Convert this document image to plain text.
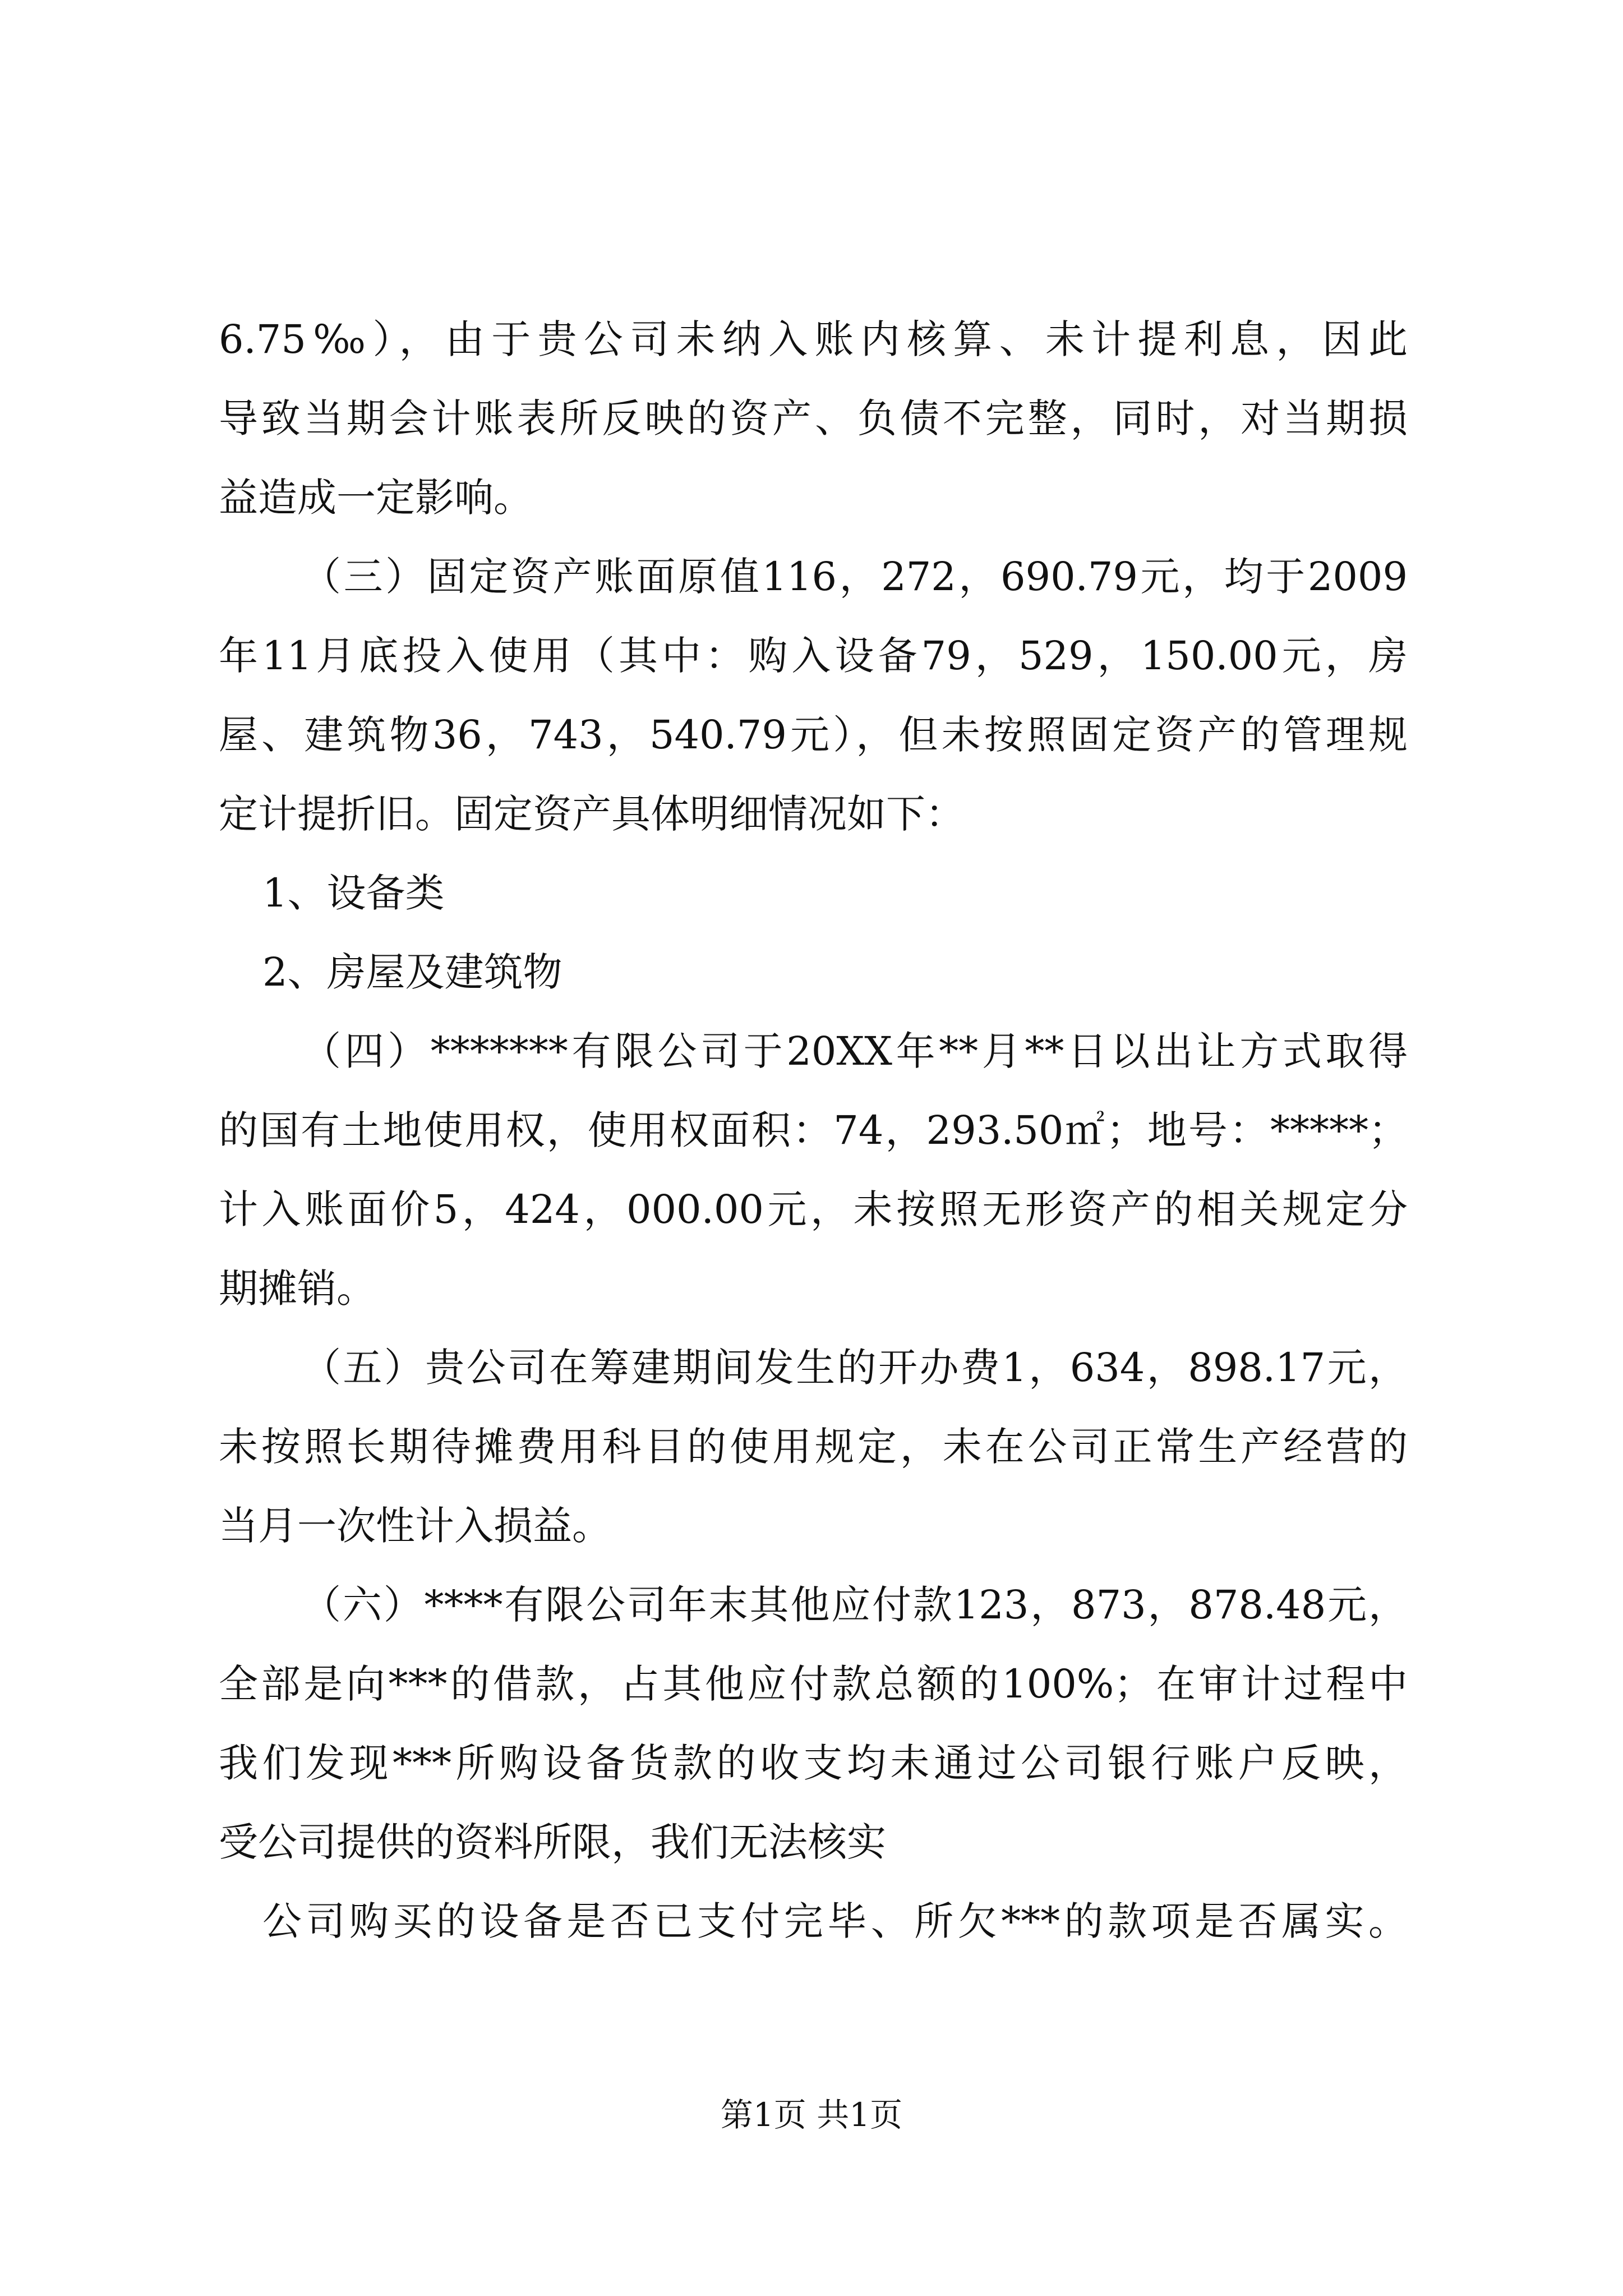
6.75‰），由于贵公司未纳入账内核算、未计提利息，因此

导致当期会计账表所反映的资产、负债不完整，同时，对当期损

益造成一定影响。

（三）固定资产账面原值116，272，690.79元，均于2009

年11月底投入使用（其中：购入设备79，529，150.00元，房

屋、建筑物36，743，540.79元），但未按照固定资产的管理规

定计提折旧。固定资产具体明细情况如下：

1、设备类

2、房屋及建筑物

（四）*******有限公司于20XX年**月**日以出让方式取得

的国有土地使用权，使用权面积：74，293.50㎡；地号：*****；

计入账面价5，424，000.00元，未按照无形资产的相关规定分

期摊销。

（五）贵公司在筹建期间发生的开办费1，634，898.17元，

未按照长期待摊费用科目的使用规定，未在公司正常生产经营的

当月一次性计入损益。

（六）****有限公司年末其他应付款123，873，878.48元，

全部是向***的借款，占其他应付款总额的100%；在审计过程中

我们发现***所购设备货款的收支均未通过公司银行账户反映，

受公司提供的资料所限，我们无法核实

公司购买的设备是否已支付完毕、所欠***的款项是否属实。

第1页 共1页
